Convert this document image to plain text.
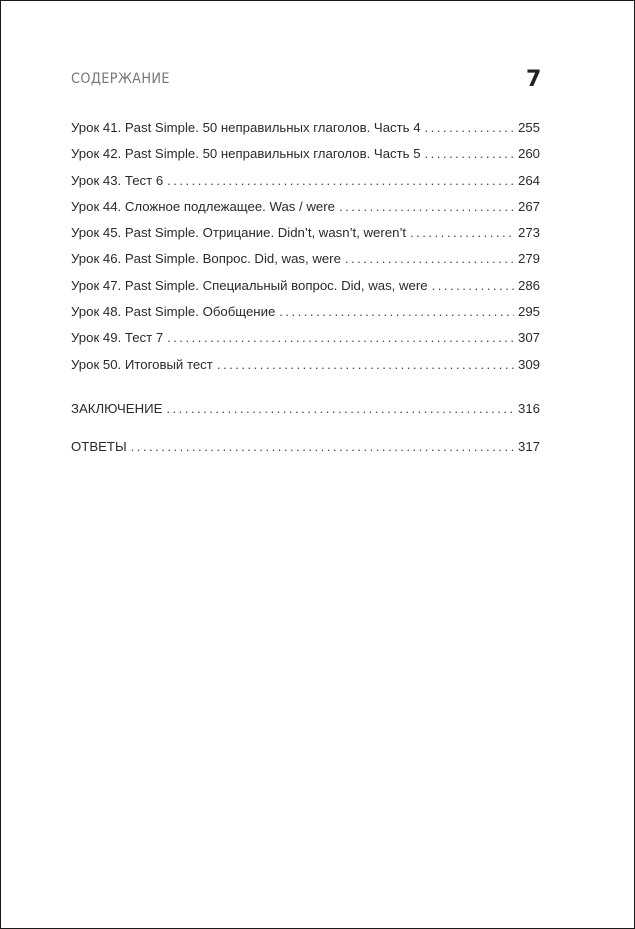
СОДЕРЖАНИЕ	7
Урок 41. Past Simple. 50 неправильных глаголов. Часть 4 . . .	255
Урок 42. Past Simple. 50 неправильных глаголов. Часть 5 . . .	260
Урок 43. Тест 6 . . .	264
Урок 44. Сложное подлежащее. Was / were . . .	267
Урок 45. Past Simple. Отрицание. Didn’t, wasn’t, weren’t . . .	273
Урок 46. Past Simple. Вопрос. Did, was, were . . .	279
Урок 47. Past Simple. Специальный вопрос. Did, was, were . . .	286
Урок 48. Past Simple. Обобщение . . .	295
Урок 49. Тест 7 . . .	307
Урок 50. Итоговый тест . . .	309
ЗАКЛЮЧЕНИЕ . . .	316
ОТВЕТЫ . . .	317
